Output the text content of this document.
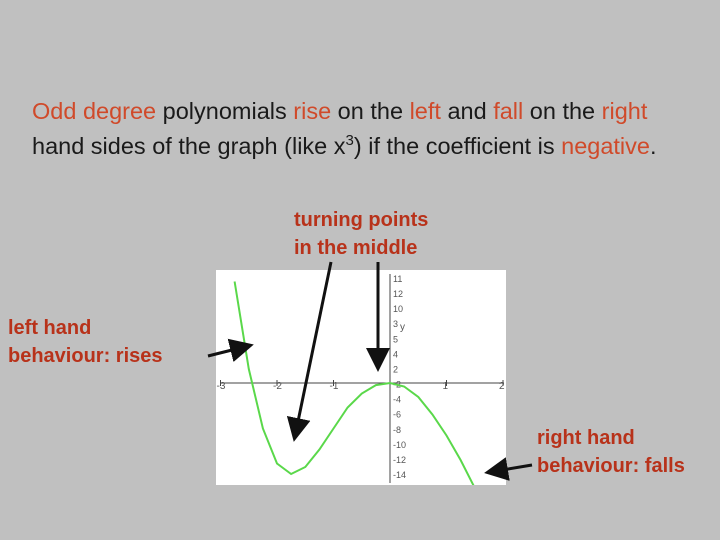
Odd degree polynomials rise on the left and fall on the right hand sides of the graph (like $x^3$) if the coefficient is negative.
turning points
in the middle
left hand
behaviour: rises
right hand
behaviour: falls
-3	-2	-1	1	2
11
12
10
3
5
4
2
-2
-4
-6
-8
-10
-12
-14
y
